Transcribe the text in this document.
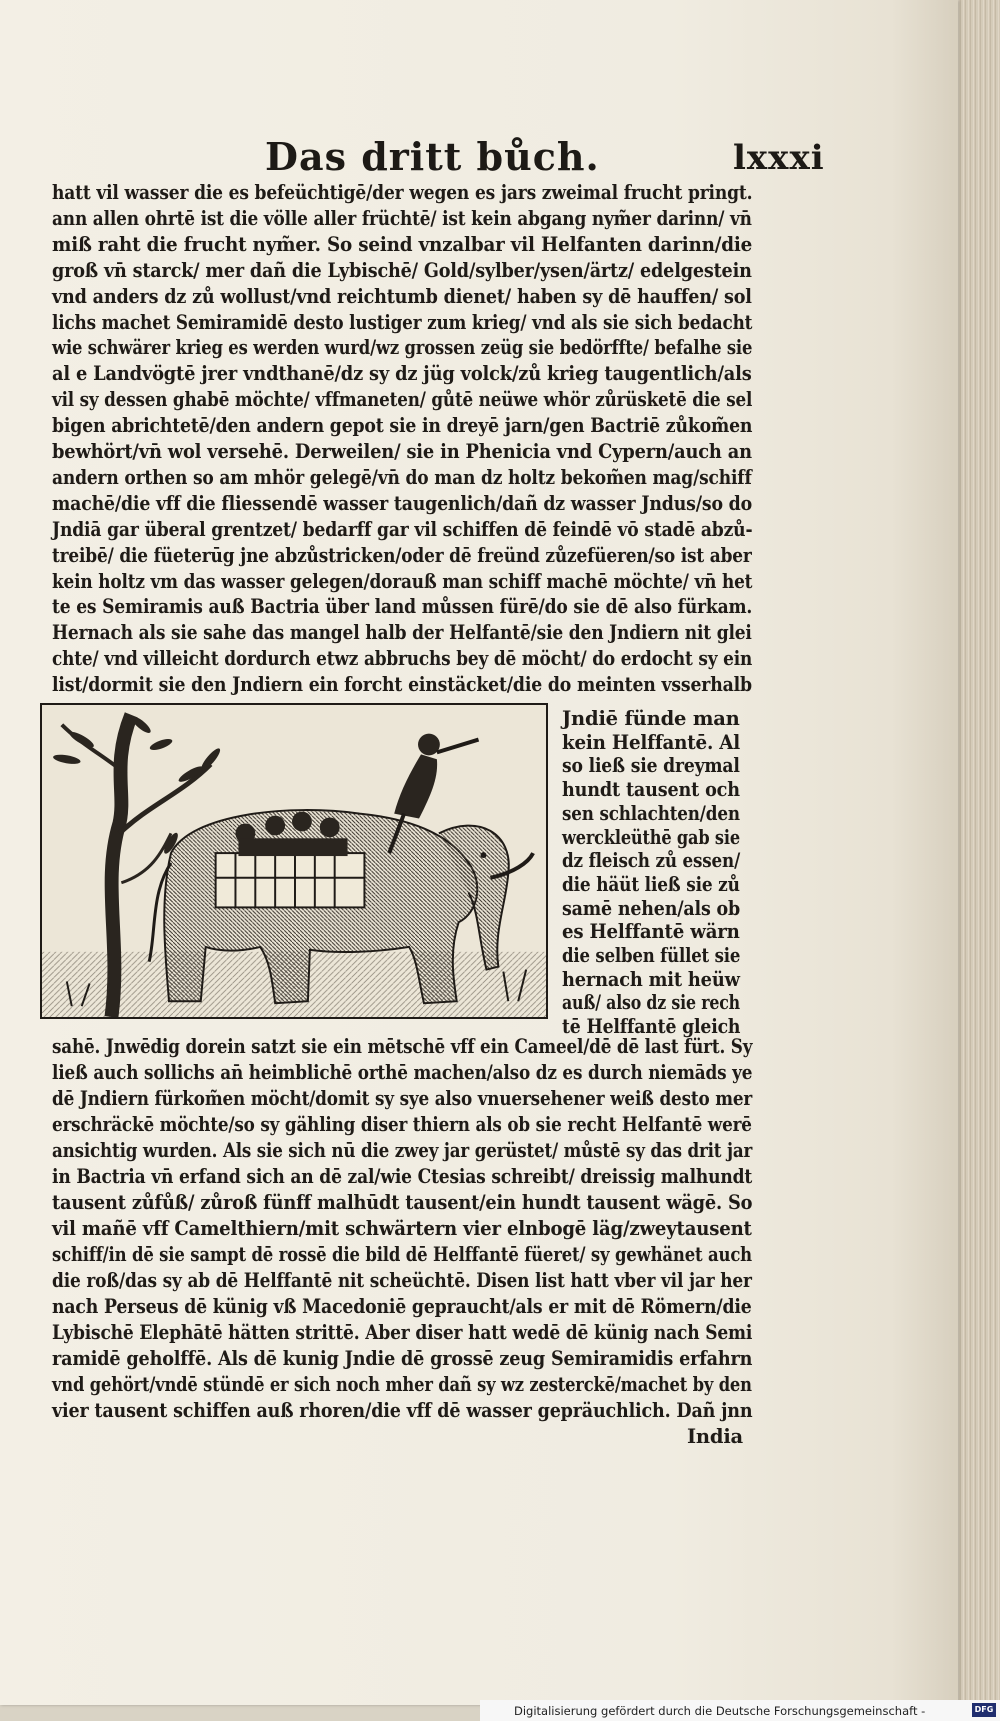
Das dritt bůch.	lxxxi
hatt vil wasser die es befeüchtigē/der wegen es jars zweimal frucht pringt.
ann allen ohrtē ist die völle aller früchtē/ ist kein abgang nym̃er darinn/ vn̄
miß raht die frucht nym̃er. So seind vnzalbar vil Helfanten darinn/die
groß vn̄ starck/ mer dañ die Lybischē/ Gold/sylber/ysen/ärtz/ edelgestein
vnd anders dz zů wollust/vnd reichtumb dienet/ haben sy dē hauffen/ sol
lichs machet Semiramidē desto lustiger zum krieg/ vnd als sie sich bedacht
wie schwärer krieg es werden wurd/wz grossen zeüg sie bedörffte/ befalhe sie
al e Landvögtē jrer vndthanē/dz sy dz jüg volck/zů krieg taugentlich/als
vil sy dessen ghabē möchte/ vffmaneten/ gůtē neüwe whör zůrüsketē die sel
bigen abrichtetē/den andern gepot sie in dreyē jarn/gen Bactriē zůkom̃en
bewhört/vn̄ wol versehē. Derweilen/ sie in Phenicia vnd Cypern/auch an
andern orthen so am mhör gelegē/vn̄ do man dz holtz bekom̃en mag/schiff
machē/die vff die fliessendē wasser taugenlich/dañ dz wasser Jndus/so do
Jndiā gar überal grentzet/ bedarff gar vil schiffen dē feindē vō stadē abzů-
treibē/ die füeterūg jne abzůstricken/oder dē freünd zůzefüeren/so ist aber
kein holtz vm das wasser gelegen/dorauß man schiff machē möchte/ vn̄ het
te es Semiramis auß Bactria über land můssen fürē/do sie dē also fürkam.
Hernach als sie sahe das mangel halb der Helfantē/sie den Jndiern nit glei
chte/ vnd villeicht dordurch etwz abbruchs bey dē möcht/ do erdocht sy ein
list/dormit sie den Jndiern ein forcht einstäcket/die do meinten vsserhalb
Jndiē fünde man
kein Helffantē. Al
so ließ sie dreymal
hundt tausent och
sen schlachten/den
werckleüthē gab sie
dz fleisch zů essen/
die häüt ließ sie zů
samē nehen/als ob
es Helffantē wärn
die selben füllet sie
hernach mit heüw
auß/ also dz sie rech
tē Helffantē gleich
sahē. Jnwēdig dorein satzt sie ein mētschē vff ein Cameel/dē dē last fürt. Sy
ließ auch sollichs an̄ heimblichē orthē machen/also dz es durch niemāds ye
dē Jndiern fürkom̃en möcht/domit sy sye also vnuersehener weiß desto mer
erschräckē möchte/so sy gähling diser thiern als ob sie recht Helfantē werē
ansichtig wurden. Als sie sich nū die zwey jar gerüstet/ můstē sy das drit jar
in Bactria vn̄ erfand sich an dē zal/wie Ctesias schreibt/ dreissig malhundt
tausent zůfůß/ zůroß fünff malhūdt tausent/ein hundt tausent wägē. So
vil mañē vff Camelthiern/mit schwärtern vier elnbogē läg/zweytausent
schiff/in dē sie sampt dē rossē die bild dē Helffantē füeret/ sy gewhänet auch
die roß/das sy ab dē Helffantē nit scheüchtē. Disen list hatt vber vil jar her
nach Perseus dē künig vß Macedoniē gepraucht/als er mit dē Römern/die
Lybischē Elephātē hätten strittē. Aber diser hatt wedē dē künig nach Semi
ramidē geholffē. Als dē kunig Jndie dē grossē zeug Semiramidis erfahrn
vnd gehört/vndē stündē er sich noch mher dañ sy wz zesterckē/machet by den
vier tausent schiffen auß rhoren/die vff dē wasser gepräuchlich. Dañ jnn
India
Digitalisierung gefördert durch die Deutsche Forschungsgemeinschaft -	DFG
